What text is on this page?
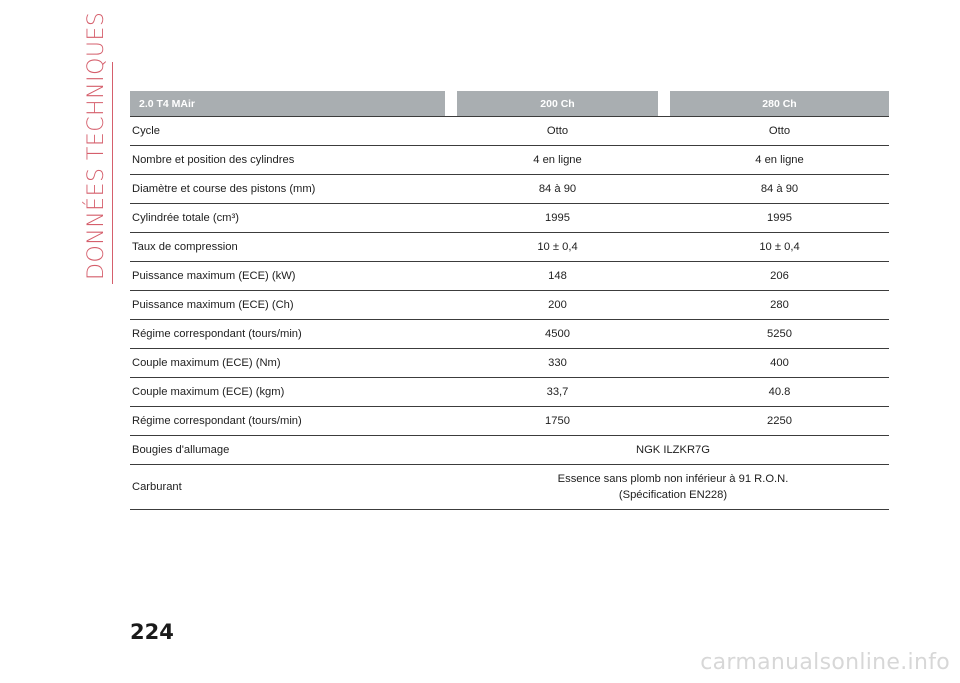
DONNÉES TECHNIQUES	2.0 T4 MAir		200 Ch		280 Ch
Cycle		Otto		Otto
Nombre et position des cylindres		4 en ligne		4 en ligne
Diamètre et course des pistons (mm)		84 à 90		84 à 90
Cylindrée totale (cm³)		1995		1995
Taux de compression		10 ± 0,4		10 ± 0,4
Puissance maximum (ECE) (kW)		148		206
Puissance maximum (ECE) (Ch)		200		280
Régime correspondant (tours/min)		4500		5250
Couple maximum (ECE) (Nm)		330		400
Couple maximum (ECE) (kgm)		33,7		40.8
Régime correspondant (tours/min)		1750		2250
Bougies d'allumage		NGK ILZKR7G		
Carburant		Essence sans plomb non inférieur à 91 R.O.N.
(Spécification EN228)		
224
carmanualsonline.info
